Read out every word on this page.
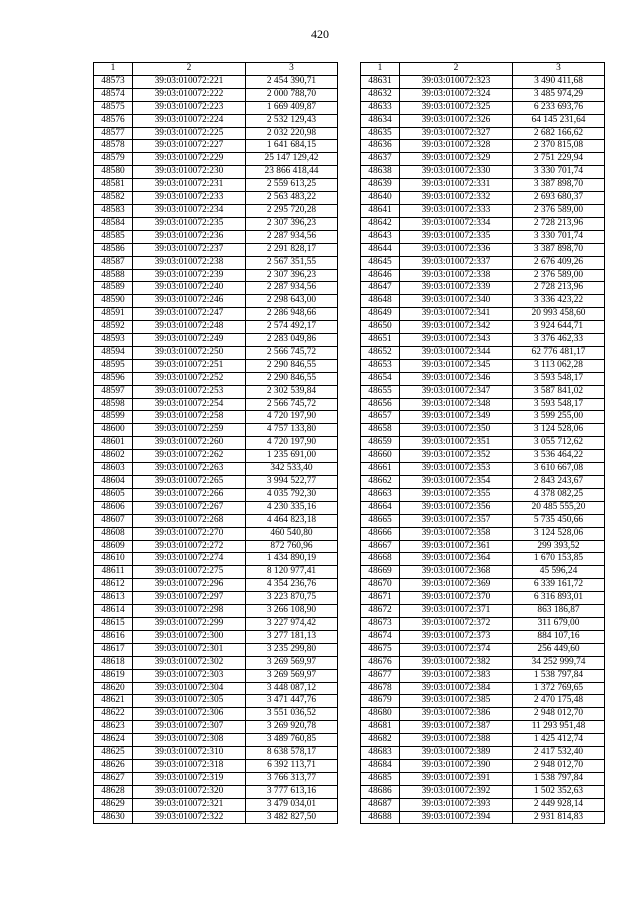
420
1	2	3
48573	39:03:010072:221	2 454 390,71
48574	39:03:010072:222	2 000 788,70
48575	39:03:010072:223	1 669 409,87
48576	39:03:010072:224	2 532 129,43
48577	39:03:010072:225	2 032 220,98
48578	39:03:010072:227	1 641 684,15
48579	39:03:010072:229	25 147 129,42
48580	39:03:010072:230	23 866 418,44
48581	39:03:010072:231	2 559 613,25
48582	39:03:010072:233	2 563 483,22
48583	39:03:010072:234	2 295 720,28
48584	39:03:010072:235	2 307 396,23
48585	39:03:010072:236	2 287 934,56
48586	39:03:010072:237	2 291 828,17
48587	39:03:010072:238	2 567 351,55
48588	39:03:010072:239	2 307 396,23
48589	39:03:010072:240	2 287 934,56
48590	39:03:010072:246	2 298 643,00
48591	39:03:010072:247	2 286 948,66
48592	39:03:010072:248	2 574 492,17
48593	39:03:010072:249	2 283 049,86
48594	39:03:010072:250	2 566 745,72
48595	39:03:010072:251	2 290 846,55
48596	39:03:010072:252	2 290 846,55
48597	39:03:010072:253	2 302 539,84
48598	39:03:010072:254	2 566 745,72
48599	39:03:010072:258	4 720 197,90
48600	39:03:010072:259	4 757 133,80
48601	39:03:010072:260	4 720 197,90
48602	39:03:010072:262	1 235 691,00
48603	39:03:010072:263	342 533,40
48604	39:03:010072:265	3 994 522,77
48605	39:03:010072:266	4 035 792,30
48606	39:03:010072:267	4 230 335,16
48607	39:03:010072:268	4 464 823,18
48608	39:03:010072:270	460 540,80
48609	39:03:010072:272	872 760,96
48610	39:03:010072:274	1 434 890,19
48611	39:03:010072:275	8 120 977,41
48612	39:03:010072:296	4 354 236,76
48613	39:03:010072:297	3 223 870,75
48614	39:03:010072:298	3 266 108,90
48615	39:03:010072:299	3 227 974,42
48616	39:03:010072:300	3 277 181,13
48617	39:03:010072:301	3 235 299,80
48618	39:03:010072:302	3 269 569,97
48619	39:03:010072:303	3 269 569,97
48620	39:03:010072:304	3 448 087,12
48621	39:03:010072:305	3 471 447,76
48622	39:03:010072:306	3 551 036,52
48623	39:03:010072:307	3 269 920,78
48624	39:03:010072:308	3 489 760,85
48625	39:03:010072:310	8 638 578,17
48626	39:03:010072:318	6 392 113,71
48627	39:03:010072:319	3 766 313,77
48628	39:03:010072:320	3 777 613,16
48629	39:03:010072:321	3 479 034,01
48630	39:03:010072:322	3 482 827,50
1	2	3
48631	39:03:010072:323	3 490 411,68
48632	39:03:010072:324	3 485 974,29
48633	39:03:010072:325	6 233 693,76
48634	39:03:010072:326	64 145 231,64
48635	39:03:010072:327	2 682 166,62
48636	39:03:010072:328	2 370 815,08
48637	39:03:010072:329	2 751 229,94
48638	39:03:010072:330	3 330 701,74
48639	39:03:010072:331	3 387 898,70
48640	39:03:010072:332	2 693 680,37
48641	39:03:010072:333	2 376 589,00
48642	39:03:010072:334	2 728 213,96
48643	39:03:010072:335	3 330 701,74
48644	39:03:010072:336	3 387 898,70
48645	39:03:010072:337	2 676 409,26
48646	39:03:010072:338	2 376 589,00
48647	39:03:010072:339	2 728 213,96
48648	39:03:010072:340	3 336 423,22
48649	39:03:010072:341	20 993 458,60
48650	39:03:010072:342	3 924 644,71
48651	39:03:010072:343	3 376 462,33
48652	39:03:010072:344	62 776 481,17
48653	39:03:010072:345	3 113 062,28
48654	39:03:010072:346	3 593 548,17
48655	39:03:010072:347	3 587 841,02
48656	39:03:010072:348	3 593 548,17
48657	39:03:010072:349	3 599 255,00
48658	39:03:010072:350	3 124 528,06
48659	39:03:010072:351	3 055 712,62
48660	39:03:010072:352	3 536 464,22
48661	39:03:010072:353	3 610 667,08
48662	39:03:010072:354	2 843 243,67
48663	39:03:010072:355	4 378 082,25
48664	39:03:010072:356	20 485 555,20
48665	39:03:010072:357	5 735 450,66
48666	39:03:010072:358	3 124 528,06
48667	39:03:010072:361	299 393,52
48668	39:03:010072:364	1 670 153,85
48669	39:03:010072:368	45 596,24
48670	39:03:010072:369	6 339 161,72
48671	39:03:010072:370	6 316 893,01
48672	39:03:010072:371	863 186,87
48673	39:03:010072:372	311 679,00
48674	39:03:010072:373	884 107,16
48675	39:03:010072:374	256 449,60
48676	39:03:010072:382	34 252 999,74
48677	39:03:010072:383	1 538 797,84
48678	39:03:010072:384	1 372 769,65
48679	39:03:010072:385	2 470 175,48
48680	39:03:010072:386	2 948 012,70
48681	39:03:010072:387	11 293 951,48
48682	39:03:010072:388	1 425 412,74
48683	39:03:010072:389	2 417 532,40
48684	39:03:010072:390	2 948 012,70
48685	39:03:010072:391	1 538 797,84
48686	39:03:010072:392	1 502 352,63
48687	39:03:010072:393	2 449 928,14
48688	39:03:010072:394	2 931 814,83
